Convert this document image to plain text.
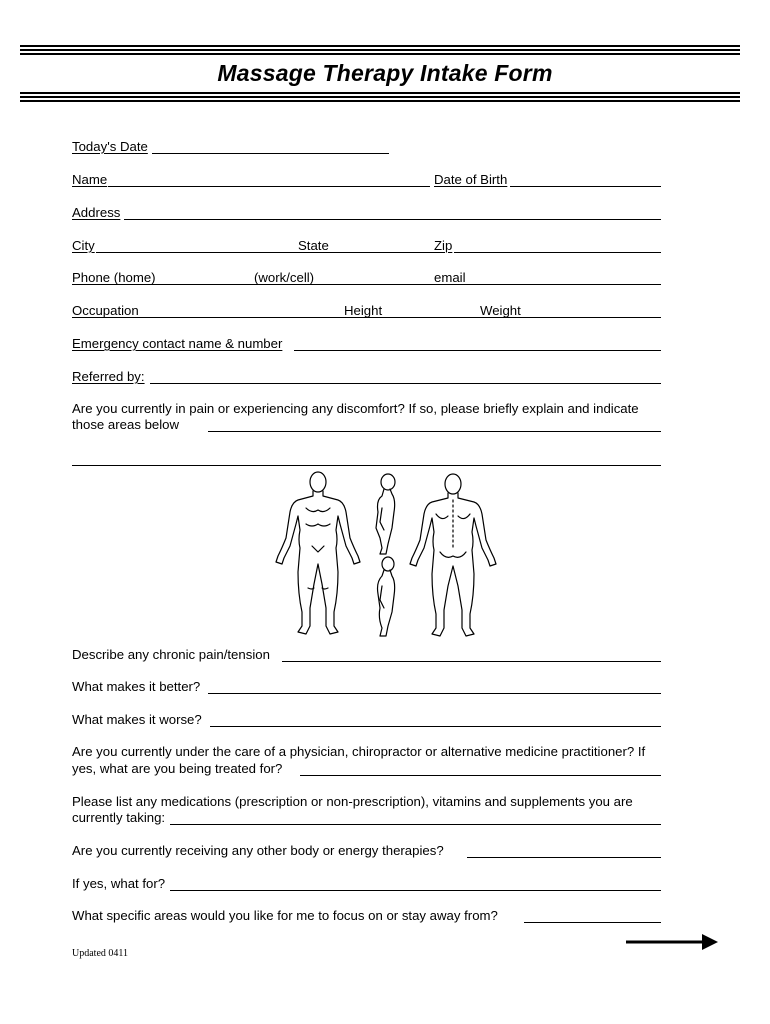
Massage Therapy Intake Form
Today's Date
Name	Date of Birth
Address
City	State	Zip
Phone (home)	(work/cell)	email
Occupation	Height	Weight
Emergency contact name & number
Referred by:
Are you currently in pain or experiencing any discomfort? If so, please briefly explain and indicate
those areas below
Describe any chronic pain/tension
What makes it better?
What makes it worse?
Are you currently under the care of a physician, chiropractor or alternative medicine practitioner? If
yes, what are you being treated for?
Please list any medications (prescription or non-prescription), vitamins and supplements you are
currently taking:
Are you currently receiving any other body or energy therapies?
If yes, what for?
What specific areas would you like for me to focus on or stay away from?
Updated 0411
